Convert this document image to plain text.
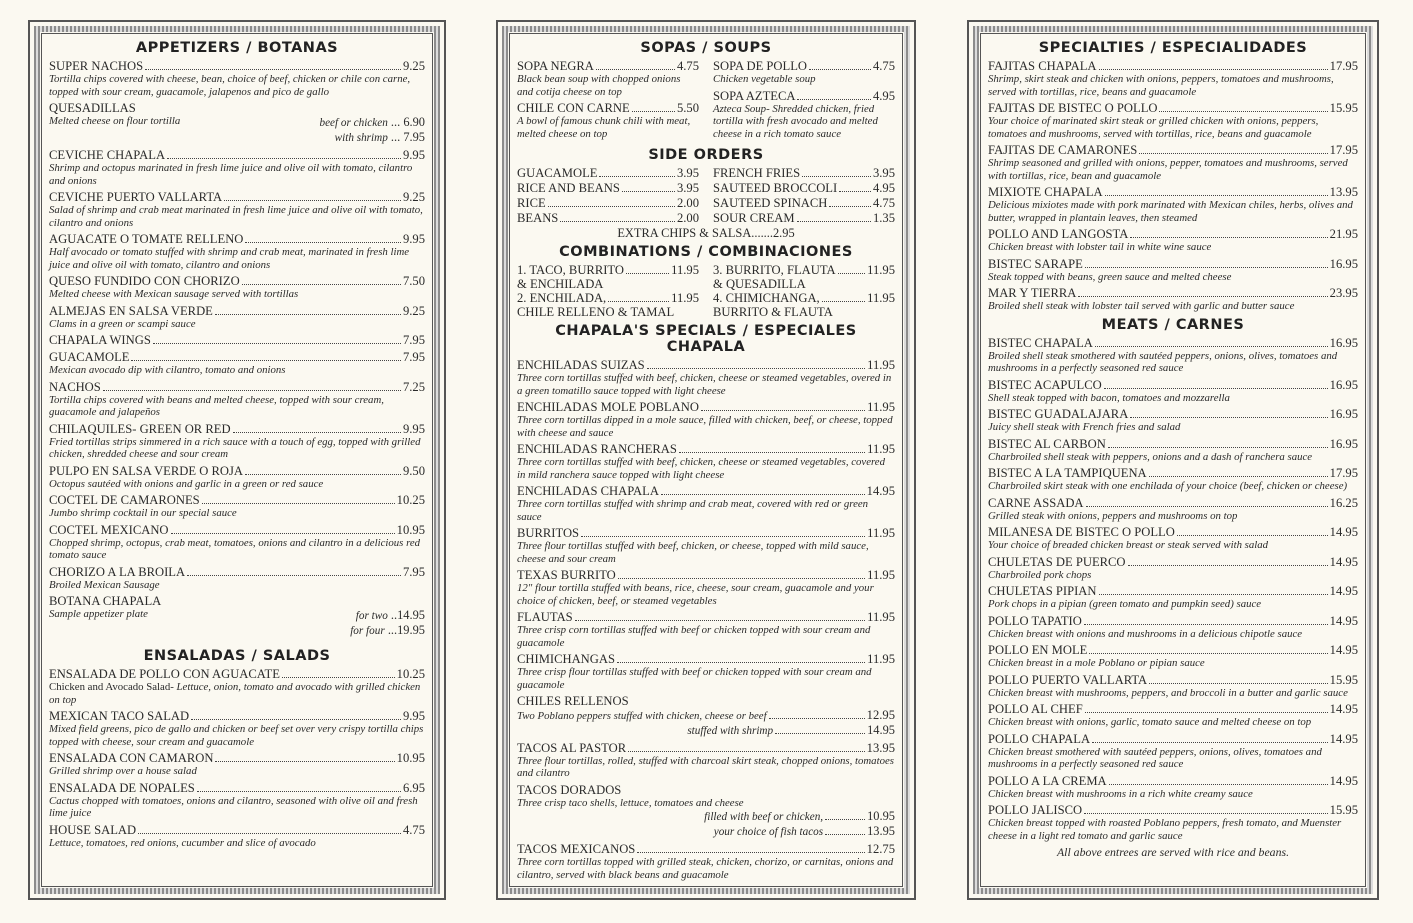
APPETIZERS / BOTANAS
SUPER NACHOS	9.25
Tortilla chips covered with cheese, bean, choice of beef, chicken or chile con carne, topped with sour cream, guacamole, jalapenos and pico de gallo
QUESADILLAS
Melted cheese on flour tortilla	beef or chicken ... 6.90
with shrimp ... 7.95
CEVICHE CHAPALA	9.95
Shrimp and octopus marinated in fresh lime juice and olive oil with tomato, cilantro and onions
CEVICHE PUERTO VALLARTA	9.25
Salad of shrimp and crab meat marinated in fresh lime juice and olive oil with tomato, cilantro and onions
AGUACATE O TOMATE RELLENO	9.95
Half avocado or tomato stuffed with shrimp and crab meat, marinated in fresh lime juice and olive oil with tomato, cilantro and onions
QUESO FUNDIDO CON CHORIZO	7.50
Melted cheese with Mexican sausage served with tortillas
ALMEJAS EN SALSA VERDE	9.25
Clams in a green or scampi sauce
CHAPALA WINGS	7.95
GUACAMOLE	7.95
Mexican avocado dip with cilantro, tomato and onions
NACHOS	7.25
Tortilla chips covered with beans and melted cheese, topped with sour cream, guacamole and jalapeños
CHILAQUILES- GREEN OR RED	9.95
Fried tortillas strips simmered in a rich sauce with a touch of egg, topped with grilled chicken, shredded cheese and sour cream
PULPO EN SALSA VERDE O ROJA	9.50
Octopus sautéed with onions and garlic in a green or red sauce
COCTEL DE CAMARONES	10.25
Jumbo shrimp cocktail in our special sauce
COCTEL MEXICANO	10.95
Chopped shrimp, octopus, crab meat, tomatoes, onions and cilantro in a delicious red tomato sauce
CHORIZO A LA BROILA	7.95
Broiled Mexican Sausage
BOTANA CHAPALA
Sample appetizer plate	for two ..14.95
for four ...19.95
ENSALADAS / SALADS
ENSALADA DE POLLO CON AGUACATE	10.25
Chicken and Avocado Salad- Lettuce, onion, tomato and avocado with grilled chicken on top
MEXICAN TACO SALAD	9.95
Mixed field greens, pico de gallo and chicken or beef set over very crispy tortilla chips topped with cheese, sour cream and guacamole
ENSALADA CON CAMARON	10.95
Grilled shrimp over a house salad
ENSALADA DE NOPALES	6.95
Cactus chopped with tomatoes, onions and cilantro, seasoned with olive oil and fresh lime juice
HOUSE SALAD	4.75
Lettuce, tomatoes, red onions, cucumber and slice of avocado
SOPAS / SOUPS
SOPA NEGRA	4.75
Black bean soup with chopped onions and cotija cheese on top
CHILE CON CARNE	5.50
A bowl of famous chunk chili with meat, melted cheese on top
SOPA DE POLLO	4.75
Chicken vegetable soup
SOPA AZTECA	4.95
Azteca Soup- Shredded chicken, fried tortilla with fresh avocado and melted cheese in a rich tomato sauce
SIDE ORDERS
GUACAMOLE	3.95
RICE AND BEANS	3.95
RICE	2.00
BEANS	2.00
FRENCH FRIES	3.95
SAUTEED BROCCOLI	4.95
SAUTEED SPINACH	4.75
SOUR CREAM	1.35
EXTRA CHIPS & SALSA.......2.95
COMBINATIONS / COMBINACIONES
1. TACO, BURRITO	11.95
& ENCHILADA
2. ENCHILADA,	11.95
CHILE RELLENO & TAMAL
3. BURRITO, FLAUTA	11.95
& QUESADILLA
4. CHIMICHANGA,	11.95
BURRITO & FLAUTA
CHAPALA'S SPECIALS / ESPECIALES CHAPALA
ENCHILADAS SUIZAS	11.95
Three corn tortillas stuffed with beef, chicken, cheese or steamed vegetables, overed in a green tomatillo sauce topped with light cheese
ENCHILADAS MOLE POBLANO	11.95
Three corn tortillas dipped in a mole sauce, filled with chicken, beef, or cheese, topped with cheese and sauce
ENCHILADAS RANCHERAS	11.95
Three corn tortillas stuffed with beef, chicken, cheese or steamed vegetables, covered in mild ranchera sauce topped with light cheese
ENCHILADAS CHAPALA	14.95
Three corn tortillas stuffed with shrimp and crab meat, covered with red or green sauce
BURRITOS	11.95
Three flour tortillas stuffed with beef, chicken, or cheese, topped with mild sauce, cheese and sour cream
TEXAS BURRITO	11.95
12" flour tortilla stuffed with beans, rice, cheese, sour cream, guacamole and your choice of chicken, beef, or steamed vegetables
FLAUTAS	11.95
Three crisp corn tortillas stuffed with beef or chicken topped with sour cream and guacamole
CHIMICHANGAS	11.95
Three crisp flour tortillas stuffed with beef or chicken topped with sour cream and guacamole
CHILES RELLENOS
Two Poblano peppers stuffed with chicken, cheese or beef	12.95
stuffed with shrimp	14.95
TACOS AL PASTOR	13.95
Three flour tortillas, rolled, stuffed with charcoal skirt steak, chopped onions, tomatoes and cilantro
TACOS DORADOS
Three crisp taco shells, lettuce, tomatoes and cheese
filled with beef or chicken,	10.95
your choice of fish tacos	13.95
TACOS MEXICANOS	12.75
Three corn tortillas topped with grilled steak, chicken, chorizo, or carnitas, onions and cilantro, served with black beans and guacamole
SPECIALTIES / ESPECIALIDADES
FAJITAS CHAPALA	17.95
Shrimp, skirt steak and chicken with onions, peppers, tomatoes and mushrooms, served with tortillas, rice, beans and guacamole
FAJITAS DE BISTEC O POLLO	15.95
Your choice of marinated skirt steak or grilled chicken with onions, peppers, tomatoes and mushrooms, served with tortillas, rice, beans and guacamole
FAJITAS DE CAMARONES	17.95
Shrimp seasoned and grilled with onions, pepper, tomatoes and mushrooms, served with tortillas, rice, bean and guacamole
MIXIOTE CHAPALA	13.95
Delicious mixiotes made with pork marinated with Mexican chiles, herbs, olives and butter, wrapped in plantain leaves, then steamed
POLLO AND LANGOSTA	21.95
Chicken breast with lobster tail in white wine sauce
BISTEC SARAPE	16.95
Steak topped with beans, green sauce and melted cheese
MAR Y TIERRA	23.95
Broiled shell steak with lobster tail served with garlic and butter sauce
MEATS / CARNES
BISTEC CHAPALA	16.95
Broiled shell steak smothered with sautéed peppers, onions, olives, tomatoes and mushrooms in a perfectly seasoned red sauce
BISTEC ACAPULCO	16.95
Shell steak topped with bacon, tomatoes and mozzarella
BISTEC GUADALAJARA	16.95
Juicy shell steak with French fries and salad
BISTEC AL CARBON	16.95
Charbroiled shell steak with peppers, onions and a dash of ranchera sauce
BISTEC A LA TAMPIQUENA	17.95
Charbroiled skirt steak with one enchilada of your choice (beef, chicken or cheese)
CARNE ASSADA	16.25
Grilled steak with onions, peppers and mushrooms on top
MILANESA DE BISTEC O POLLO	14.95
Your choice of breaded chicken breast or steak served with salad
CHULETAS DE PUERCO	14.95
Charbroiled pork chops
CHULETAS PIPIAN	14.95
Pork chops in a pipian (green tomato and pumpkin seed) sauce
POLLO TAPATIO	14.95
Chicken breast with onions and mushrooms in a delicious chipotle sauce
POLLO EN MOLE	14.95
Chicken breast in a mole Poblano or pipian sauce
POLLO PUERTO VALLARTA	15.95
Chicken breast with mushrooms, peppers, and broccoli in a butter and garlic sauce
POLLO AL CHEF	14.95
Chicken breast with onions, garlic, tomato sauce and melted cheese on top
POLLO CHAPALA	14.95
Chicken breast smothered with sautéed peppers, onions, olives, tomatoes and mushrooms in a perfectly seasoned red sauce
POLLO A LA CREMA	14.95
Chicken breast with mushrooms in a rich white creamy sauce
POLLO JALISCO	15.95
Chicken breast topped with roasted Poblano peppers, fresh tomato, and Muenster cheese in a light red tomato and garlic sauce
All above entrees are served with rice and beans.
